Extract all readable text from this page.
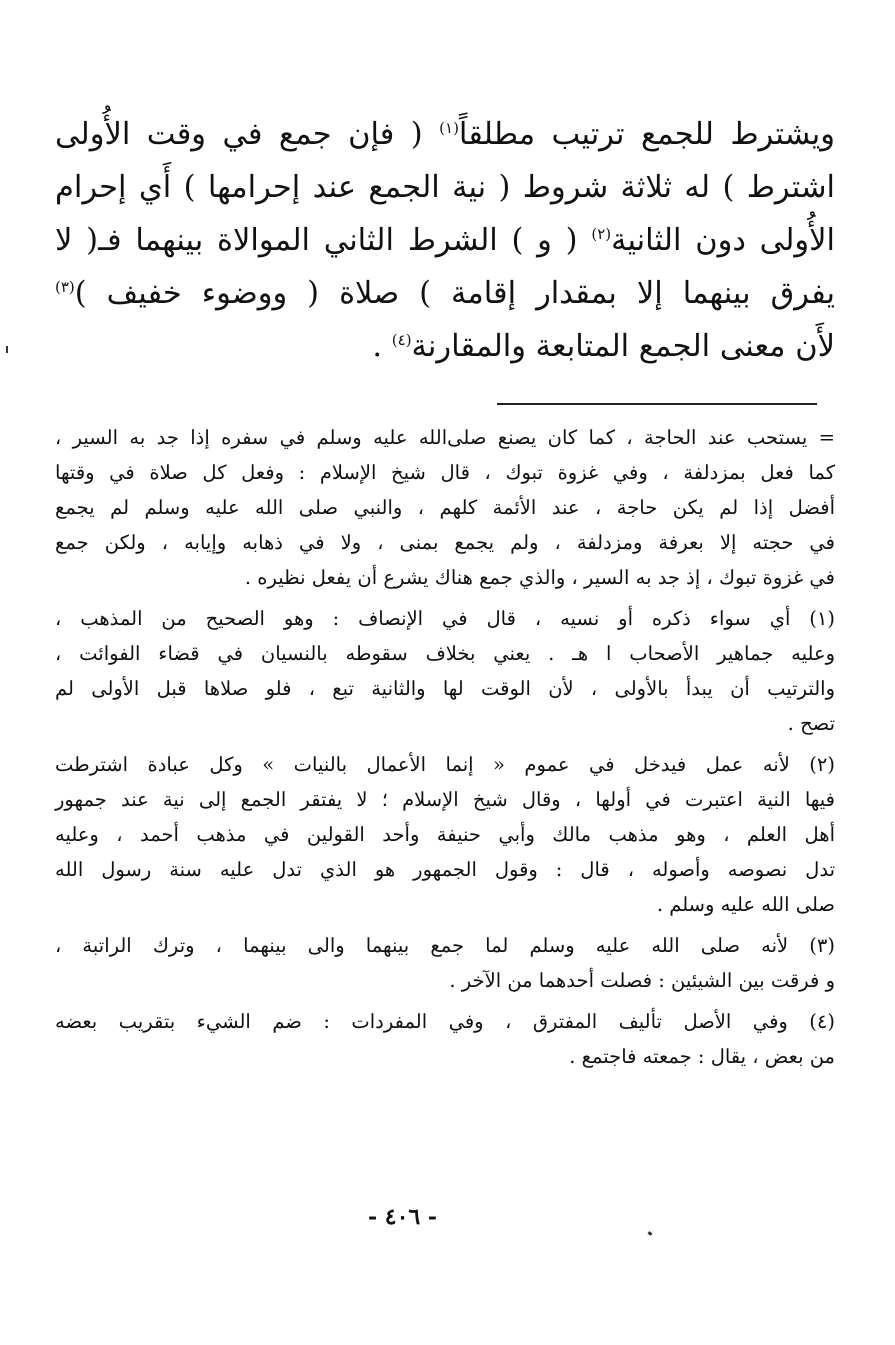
ويشترط للجمع ترتيب مطلقاً$^{(١)}$ ( فإن جمع في وقت الأُولى
اشترط ) له ثلاثة شروط ( نية الجمع عند إحرامها ) أَي إحرام
الأُولى دون الثانية$^{(٢)}$ ( و ) الشرط الثاني الموالاة بينهما فـ( لا
يفرق بينهما إلا بمقدار إقامة ) صلاة ( ووضوء خفيف )$^{(٣)}$
لأَن معنى الجمع المتابعة والمقارنة$^{(٤)}$ .

= يستحب عند الحاجة ، كما كان يصنع صلى‌الله عليه وسلم في سفره إذا جد به السير ،
كما فعل بمزدلفة ، وفي غزوة تبوك ، قال شيخ الإسلام : وفعل كل صلاة في وقتها
أفضل إذا لم يكن حاجة ، عند الأئمة كلهم ، والنبي صلى الله عليه وسلم لم يجمع
في حجته إلا بعرفة ومزدلفة ، ولم يجمع بمنى ، ولا في ذهابه وإيابه ، ولكن جمع
في غزوة تبوك ، إذ جد به السير ، والذي جمع هناك يشرع أن يفعل نظيره .
(١) أي سواء ذكره أو نسيه ، قال في الإنصاف : وهو الصحيح من المذهب ،
وعليه جماهير الأصحاب ا هـ . يعني بخلاف سقوطه بالنسيان في قضاء الفوائت ،
والترتيب أن يبدأ بالأولى ، لأن الوقت لها والثانية تبع ، فلو صلاها قبل الأولى لم
تصح .
(٢) لأنه عمل فيدخل في عموم « إنما الأعمال بالنيات » وكل عبادة اشترطت
فيها النية اعتبرت في أولها ، وقال شيخ الإسلام ؛ لا يفتقر الجمع إلى نية عند جمهور
أهل العلم ، وهو مذهب مالك وأبي حنيفة وأحد القولين في مذهب أحمد ، وعليه
تدل نصوصه وأصوله ، قال : وقول الجمهور هو الذي تدل عليه سنة رسول الله
صلى الله عليه وسلم .
(٣) لأنه صلى الله عليه وسلم لما جمع بينهما والى بينهما ، وترك الراتبة ،
و فرقت بين الشيئين : فصلت أحدهما من الآخر .
(٤) وفي الأصل تأليف المفترق ، وفي المفردات : ضم الشيء بتقريب بعضه
من بعض ، يقال : جمعته فاجتمع .
- ٤٠٦ -
